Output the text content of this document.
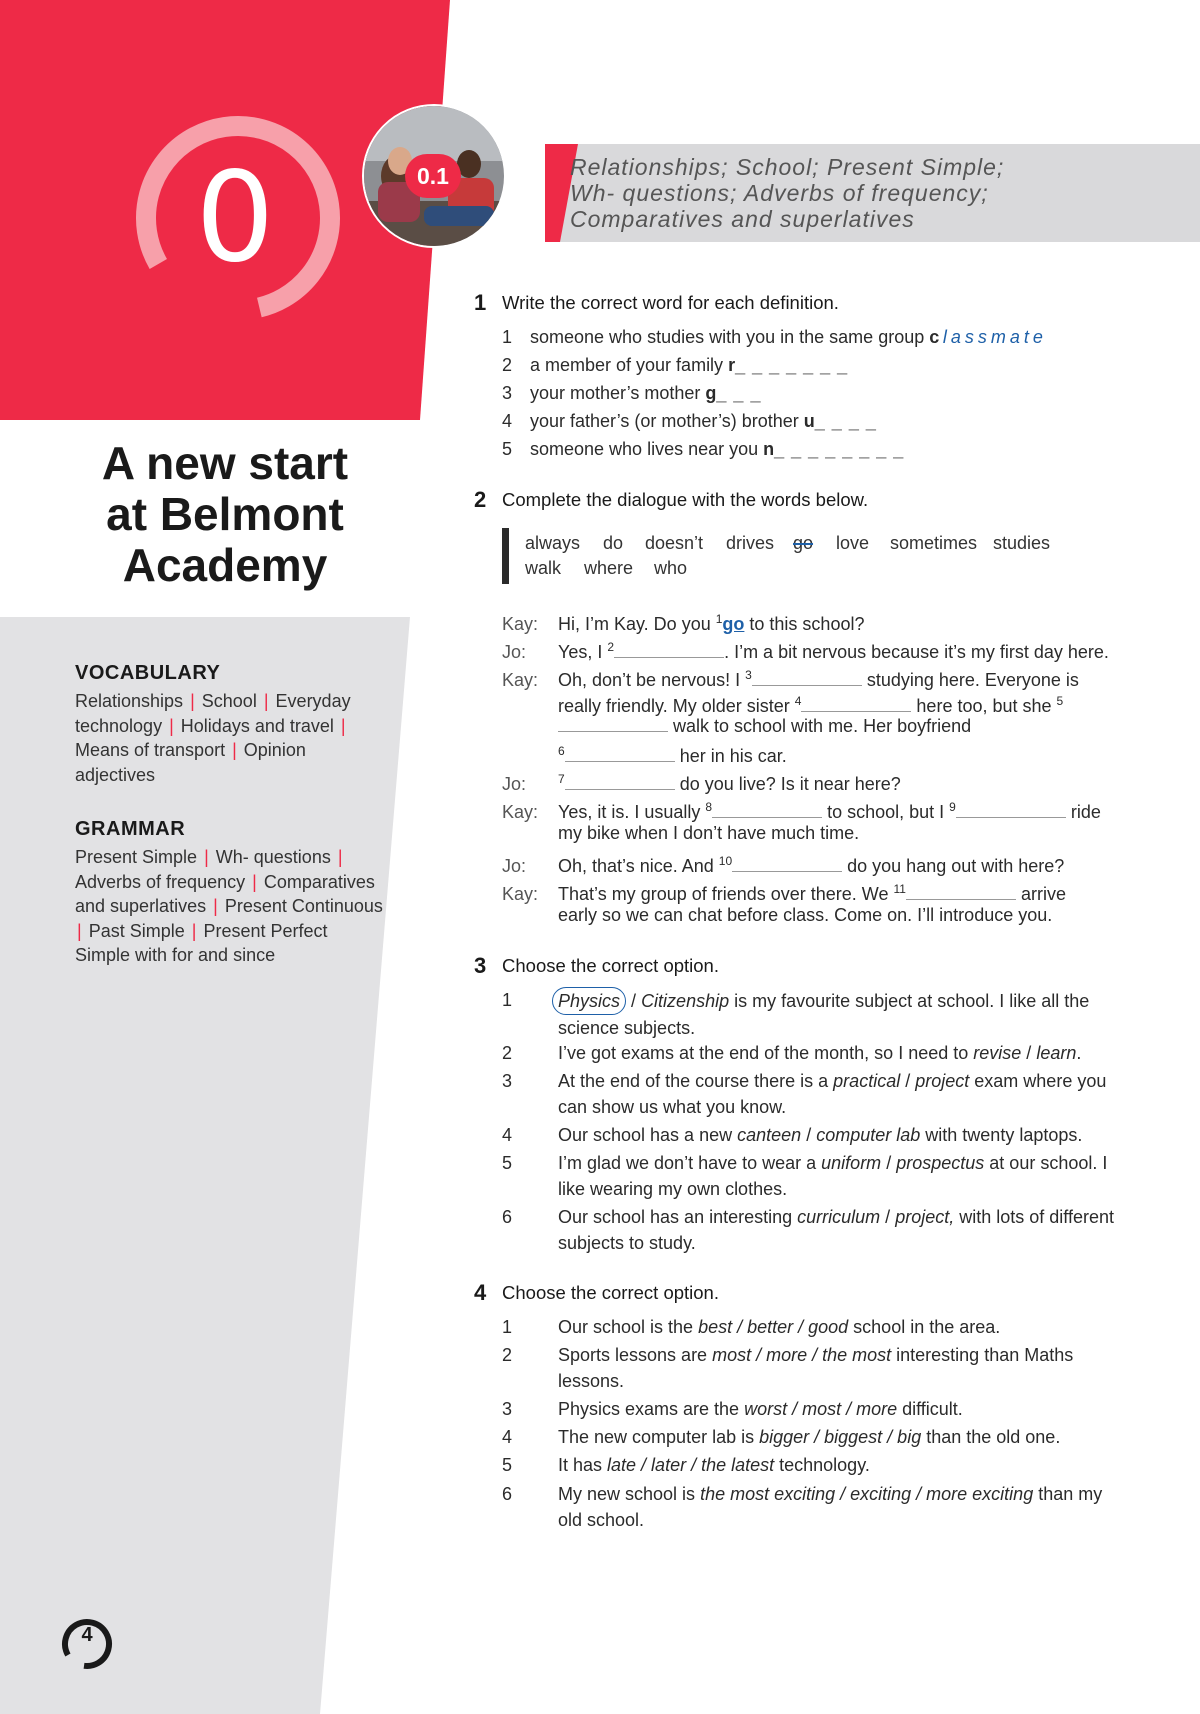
0
A new start
at Belmont
Academy
VOCABULARY
Relationships | School | Everyday technology | Holidays and travel | Means of transport | Opinion adjectives
GRAMMAR
Present Simple | Wh- questions | Adverbs of frequency | Comparatives and superlatives | Present Continuous | Past Simple | Present Perfect Simple with for and since
Relationships; School; Present Simple;
Wh- questions; Adverbs of frequency;
Comparatives and superlatives
0.1
1 Write the correct word for each definition.
1 someone who studies with you in the same group c  lassmate
2 a member of your family r_ _ _ _ _ _ _
3 your mother’s mother g_ _ _
4 your father’s (or mother’s) brother u_ _ _ _
5 someone who lives near you n_ _ _ _ _ _ _ _
2 Complete the dialogue with the words below.
always do doesn’t drives go love sometimes studies
walk where who
Kay: Hi, I’m Kay. Do you $^1$go to this school?
Jo: Yes, I $^2$	. I’m a bit nervous because it’s my first day here.
Kay: Oh, don’t be nervous! I $^3$	studying here. Everyone is
really friendly. My older sister $^4$	here too, but she $^5$
walk to school with me. Her boyfriend
$^6$	her in his car.
Jo:	$^7$	do you live? Is it near here?
Kay: Yes, it is. I usually $^8$	to school, but I $^9$	ride
my bike when I don’t have much time.
Jo: Oh, that’s nice. And $^{10}$	do you hang out with here?
Kay: That’s my group of friends over there. We $^{11}$	arrive
early so we can chat before class. Come on. I’ll introduce you.
3 Choose the correct option.
1	Physics / Citizenship is my favourite subject at school. I like all the
science subjects.
2	I’ve got exams at the end of the month, so I need to revise / learn.
3	At the end of the course there is a practical / project exam where you
can show us what you know.
4	Our school has a new canteen / computer lab with twenty laptops.
5	I’m glad we don’t have to wear a uniform / prospectus at our school. I
like wearing my own clothes.
6	Our school has an interesting curriculum / project, with lots of different
subjects to study.
4 Choose the correct option.
1	Our school is the best / better / good school in the area.
2	Sports lessons are most / more / the most interesting than Maths
lessons.
3	Physics exams are the worst / most / more difficult.
4	The new computer lab is bigger / biggest / big than the old one.
5	It has late / later / the latest technology.
6	My new school is the most exciting / exciting / more exciting than my
old school.
4
